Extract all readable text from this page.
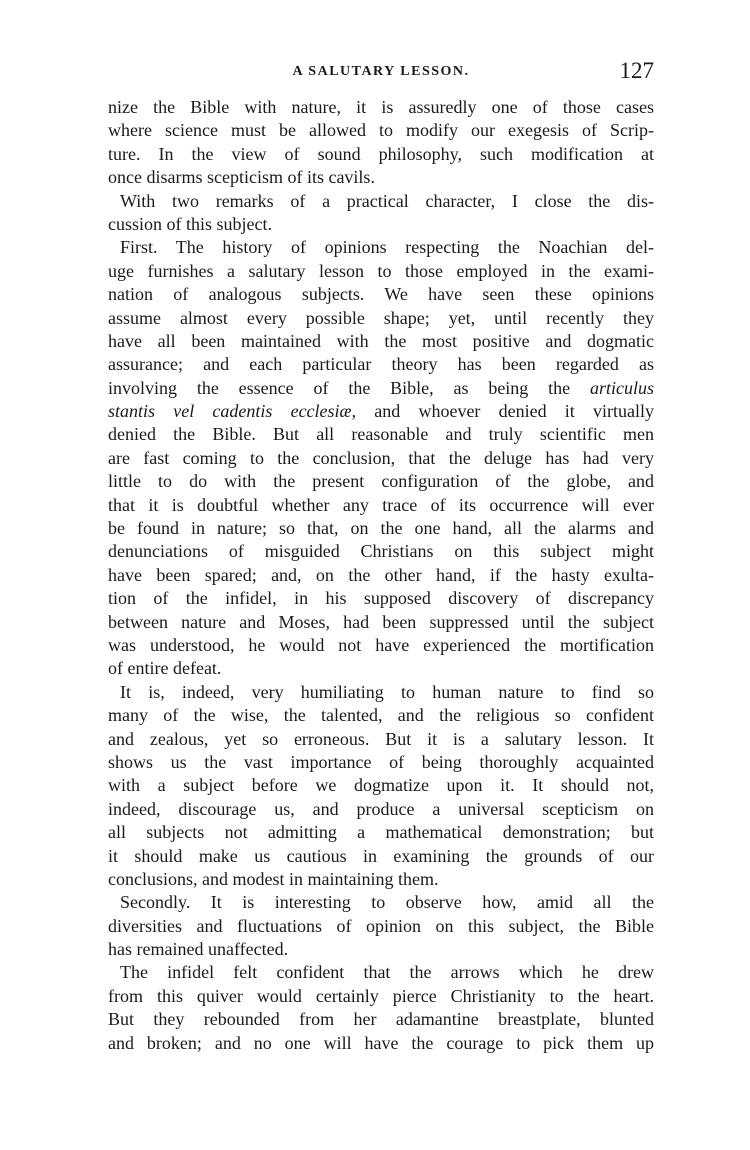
A SALUTARY LESSON.	127
nize the Bible with nature, it is assuredly one of those cases
where science must be allowed to modify our exegesis of Scrip-
ture. In the view of sound philosophy, such modification at
once disarms scepticism of its cavils.
With two remarks of a practical character, I close the dis-
cussion of this subject.
First. The history of opinions respecting the Noachian del-
uge furnishes a salutary lesson to those employed in the exami-
nation of analogous subjects. We have seen these opinions
assume almost every possible shape; yet, until recently they
have all been maintained with the most positive and dogmatic
assurance; and each particular theory has been regarded as
involving the essence of the Bible, as being the articulus
stantis vel cadentis ecclesiæ, and whoever denied it virtually
denied the Bible. But all reasonable and truly scientific men
are fast coming to the conclusion, that the deluge has had very
little to do with the present configuration of the globe, and
that it is doubtful whether any trace of its occurrence will ever
be found in nature; so that, on the one hand, all the alarms and
denunciations of misguided Christians on this subject might
have been spared; and, on the other hand, if the hasty exulta-
tion of the infidel, in his supposed discovery of discrepancy
between nature and Moses, had been suppressed until the subject
was understood, he would not have experienced the mortification
of entire defeat.
It is, indeed, very humiliating to human nature to find so
many of the wise, the talented, and the religious so confident
and zealous, yet so erroneous. But it is a salutary lesson. It
shows us the vast importance of being thoroughly acquainted
with a subject before we dogmatize upon it. It should not,
indeed, discourage us, and produce a universal scepticism on
all subjects not admitting a mathematical demonstration; but
it should make us cautious in examining the grounds of our
conclusions, and modest in maintaining them.
Secondly. It is interesting to observe how, amid all the
diversities and fluctuations of opinion on this subject, the Bible
has remained unaffected.
The infidel felt confident that the arrows which he drew
from this quiver would certainly pierce Christianity to the heart.
But they rebounded from her adamantine breastplate, blunted
and broken; and no one will have the courage to pick them up
